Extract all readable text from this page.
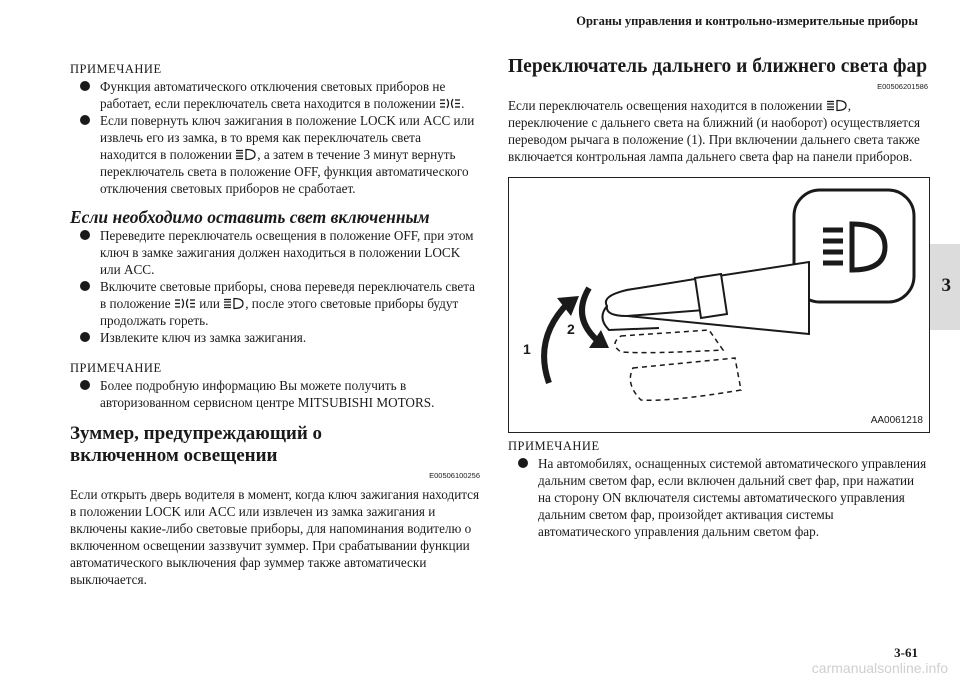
Органы управления и контрольно-измерительные приборы

ПРИМЕЧАНИЕ

Функция автоматического отключения световых приборов не работает, если переключатель света находится в положении
.
Если повернуть ключ зажигания в положение LOCK или ACC или извлечь его из замка, в то время как переключатель света находится в положении
, а затем в течение 3 минут вернуть переключатель света в положение OFF, функция автоматического отключения световых приборов не сработает.
Если необходимо оставить свет включенным
Переведите переключатель освещения в положение OFF, при этом ключ в замке зажигания должен находиться в положении LOCK или ACC.
Включите световые приборы, снова переведя переключатель света в положение
или
, после этого световые приборы будут продолжать гореть.
Извлеките ключ из замка зажигания.

ПРИМЕЧАНИЕ

Более подробную информацию Вы можете получить в авторизованном сервисном центре MITSUBISHI MOTORS.
Зуммер, предупреждающий о включенном освещении
E00506100256

Если открыть дверь водителя в момент, когда ключ зажигания находится в положении LOCK или ACC или извлечен из замка зажигания и включены какие-либо световые приборы, для напоминания водителю о включенном освещении заззвучит зуммер. При срабатывании функции автоматического выключения фар зуммер также автоматически выключается.

Переключатель дальнего и ближнего света фар
E00506201586

Если переключатель освещения находится в положении
, переключение с дальнего света на ближний (и наоборот) осуществляется переводом рычага в положение (1). При включении дальнего света также включается контрольная лампа дальнего света фар на панели приборов.

1
2
AA0061218

ПРИМЕЧАНИЕ

На автомобилях, оснащенных системой автоматического управления дальним светом фар, если включен дальний свет фар, при нажатии на сторону ON включателя системы автоматического управления дальним светом фар, произойдет активация системы автоматического управления дальним светом фар.
3
3-61
carmanualsonline.info
